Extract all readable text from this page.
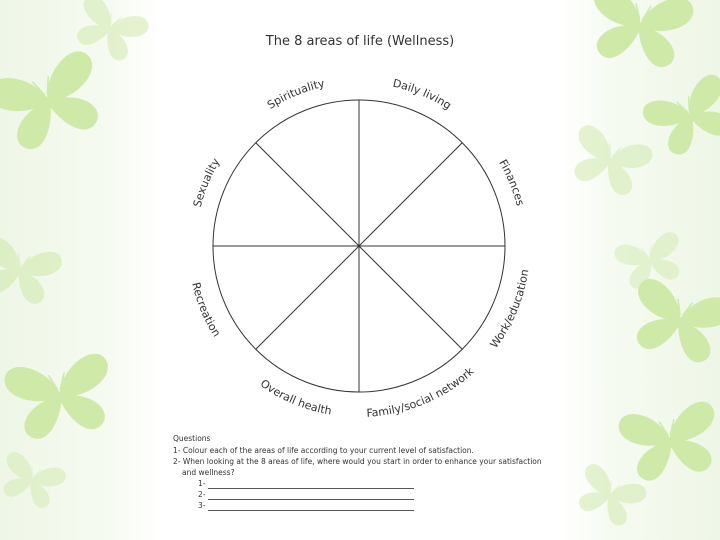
The 8 areas of life (Wellness)
Spirituality	Daily living
Finances
Work/education
Family/social network
Overall health
Recreation
Sexuality
Questions
1- Colour each of the areas of life according to your current level of satisfaction.
2- When looking at the 8 areas of life, where would you start in order to enhance your satisfaction
and wellness?
1-
2-
3-
